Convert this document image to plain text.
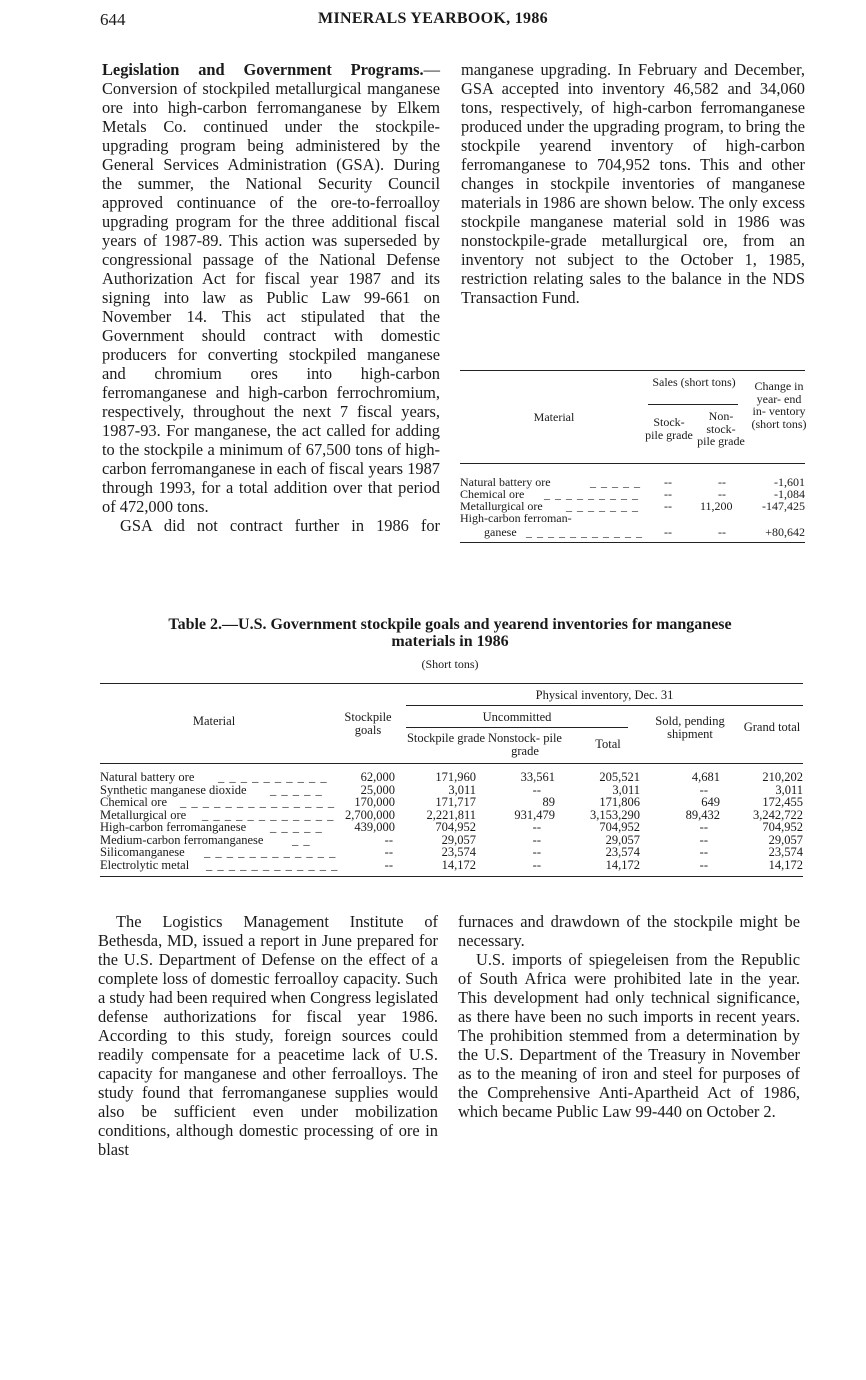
644	MINERALS YEARBOOK, 1986

Legislation and Government Programs.—Conversion of stockpiled metallurgical manganese ore into high-carbon ferromanganese by Elkem Metals Co. continued under the stockpile-upgrading program being administered by the General Services Administration (GSA). During the summer, the National Security Council approved continuance of the ore-to-ferroalloy upgrading program for the three additional fiscal years of 1987-89. This action was superseded by congressional passage of the National Defense Authorization Act for fiscal year 1987 and its signing into law as Public Law 99-661 on November 14. This act stipulated that the Government should contract with domestic producers for converting stockpiled manganese and chromium ores into high-carbon ferromanganese and high-carbon ferrochromium, respectively, throughout the next 7 fiscal years, 1987-93. For manganese, the act called for adding to the stockpile a minimum of 67,500 tons of high-carbon ferromanganese in each of fiscal years 1987 through 1993, for a total addition over that period of 472,000 tons.

GSA did not contract further in 1986 for

manganese upgrading. In February and December, GSA accepted into inventory 46,582 and 34,060 tons, respectively, of high-carbon ferromanganese produced under the upgrading program, to bring the stockpile yearend inventory of high-carbon ferromanganese to 704,952 tons. This and other changes in stockpile inventories of manganese materials in 1986 are shown below. The only excess stockpile manganese material sold in 1986 was nonstockpile-grade metallurgical ore, from an inventory not subject to the October 1, 1985, restriction relating sales to the balance in the NDS Transaction Fund.

Material
Sales (short tons)
Stock- pile grade
Non- stock- pile grade
Change in year- end in- ventory (short tons)
Natural battery ore	_ _ _ _ _ --	--	-1,601
Chemical ore _ _ _ _ _ _ _ _ _ --	--	-1,084
Metallurgical ore _ _ _ _ _ _ _ -- 11,200 -147,425
High-carbon ferroman-
ganese _ _ _ _ _ _ _ _ _ _ _ --	--	+80,642
Table 2.—U.S. Government stockpile goals and yearend inventories for manganese
materials in 1986
(Short tons)
Material	Stockpile goals
Physical inventory, Dec. 31
Uncommitted
Stockpile grade Nonstock- pile grade	Total
Sold, pending shipment	Grand total
Natural battery ore _ _ _ _ _ _ _ _ _ _	62,000	171,960	33,561	205,521	4,681	210,202
Synthetic manganese dioxide _ _ _ _ _	25,000	3,011	--	3,011	--	3,011
Chemical ore _ _ _ _ _ _ _ _ _ _ _ _ _ _ 170,000	171,717	89	171,806	649	172,455
Metallurgical ore _ _ _ _ _ _ _ _ _ _ _ _ 2,700,000	2,221,811	931,479	3,153,290	89,432	3,242,722
High-carbon ferromanganese _ _ _ _ _	439,000	704,952	--	704,952	--	704,952
Medium-carbon ferromanganese _ _	--	29,057	--	29,057	--	29,057
Silicomanganese _ _ _ _ _ _ _ _ _ _ _ _	--	23,574	--	23,574	--	23,574
Electrolytic metal _ _ _ _ _ _ _ _ _ _ _ _	--	14,172	--	14,172	--	14,172

The Logistics Management Institute of Bethesda, MD, issued a report in June prepared for the U.S. Department of Defense on the effect of a complete loss of domestic ferroalloy capacity. Such a study had been required when Congress legislated defense authorizations for fiscal year 1986. According to this study, foreign sources could readily compensate for a peacetime lack of U.S. capacity for manganese and other ferroalloys. The study found that ferromanganese supplies would also be sufficient even under mobilization conditions, although domestic processing of ore in blast

furnaces and drawdown of the stockpile might be necessary.

U.S. imports of spiegeleisen from the Republic of South Africa were prohibited late in the year. This development had only technical significance, as there have been no such imports in recent years. The prohibition stemmed from a determination by the U.S. Department of the Treasury in November as to the meaning of iron and steel for purposes of the Comprehensive Anti-Apartheid Act of 1986, which became Public Law 99-440 on October 2.
